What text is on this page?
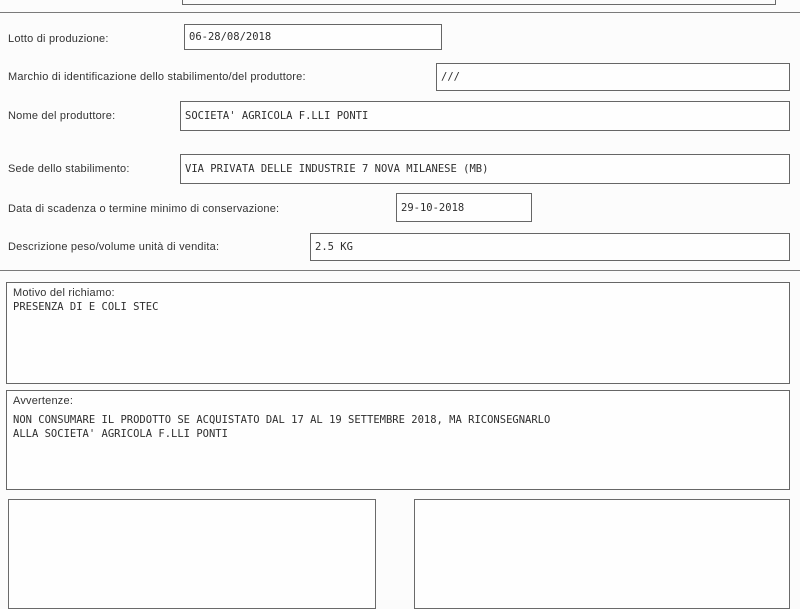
Lotto di produzione:	06-28/08/2018
Marchio di identificazione dello stabilimento/del produttore:	///
Nome del produttore:	SOCIETA' AGRICOLA F.LLI PONTI
Sede dello stabilimento:	VIA PRIVATA DELLE INDUSTRIE 7 NOVA MILANESE (MB)
Data di scadenza o termine minimo di conservazione:	29-10-2018
Descrizione peso/volume unità di vendita:	2.5 KG
Motivo del richiamo:
PRESENZA DI E COLI STEC
Avvertenze:
NON CONSUMARE IL PRODOTTO SE ACQUISTATO DAL 17 AL 19 SETTEMBRE 2018, MA RICONSEGNARLO
ALLA SOCIETA' AGRICOLA F.LLI PONTI
